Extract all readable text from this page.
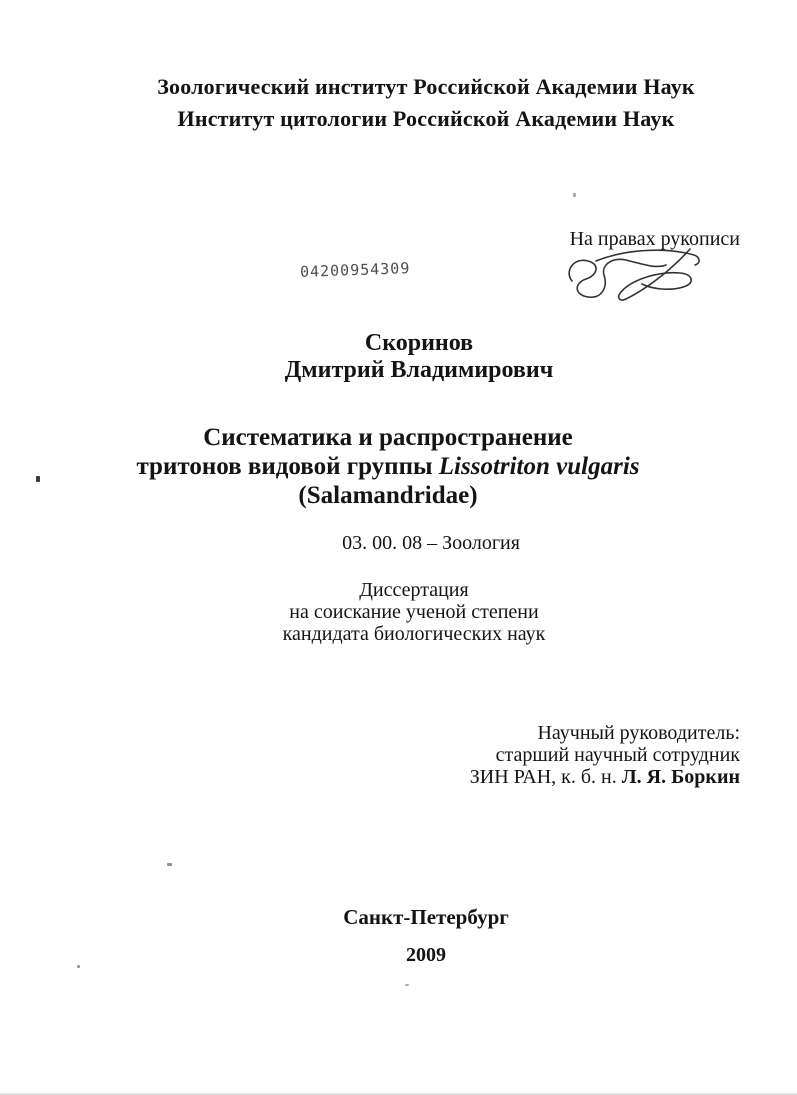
Зоологический институт Российской Академии Наук
Институт цитологии Российской Академии Наук
На правах рукописи
04200954309
Скоринов
Дмитрий Владимирович
Систематика и распространение
тритонов видовой группы Lissotriton vulgaris
(Salamandridae)
03. 00. 08 – Зоология
Диссертация
на соискание ученой степени
кандидата биологических наук
Научный руководитель:
старший научный сотрудник
ЗИН РАН, к. б. н. Л. Я. Боркин
Санкт-Петербург
2009
